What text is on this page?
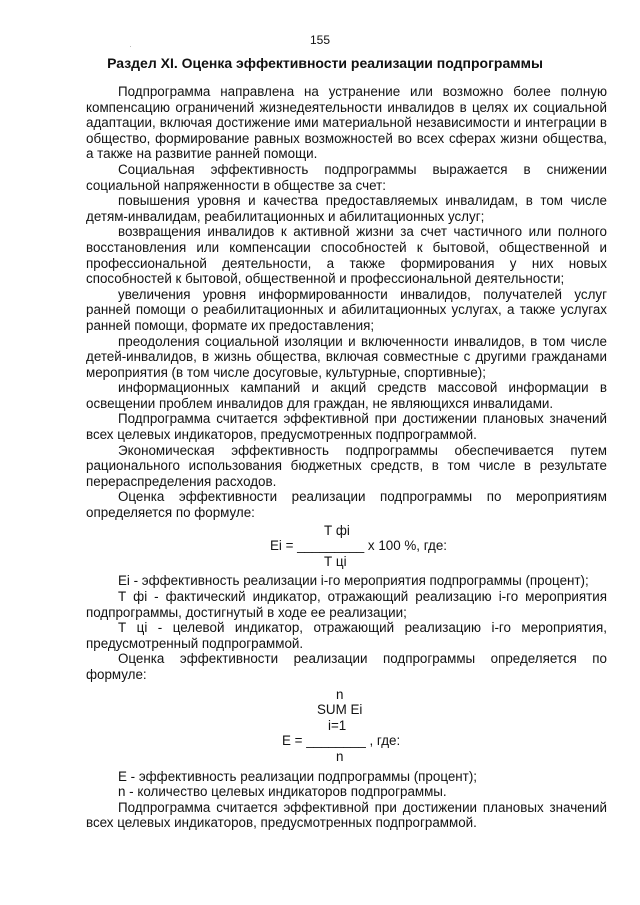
155
Раздел XI. Оценка эффективности реализации подпрограммы

Подпрограмма направлена на устранение или возможно более полную компенсацию ограничений жизнедеятельности инвалидов в целях их социальной адаптации, включая достижение ими материальной независимости и интеграции в общество, формирование равных возможностей во всех сферах жизни общества, а также на развитие ранней помощи.

Социальная эффективность подпрограммы выражается в снижении социальной напряженности в обществе за счет:

повышения уровня и качества предоставляемых инвалидам, в том числе детям-инвалидам, реабилитационных и абилитационных услуг;

возвращения инвалидов к активной жизни за счет частичного или полного восстановления или компенсации способностей к бытовой, общественной и профессиональной деятельности, а также формирования у них новых способностей к бытовой, общественной и профессиональной деятельности;

увеличения уровня информированности инвалидов, получателей услуг ранней помощи о реабилитационных и абилитационных услугах, а также услугах ранней помощи, формате их предоставления;

преодоления социальной изоляции и включенности инвалидов, в том числе детей-инвалидов, в жизнь общества, включая совместные с другими гражданами мероприятия (в том числе досуговые, культурные, спортивные);

информационных кампаний и акций средств массовой информации в освещении проблем инвалидов для граждан, не являющихся инвалидами.

Подпрограмма считается эффективной при достижении плановых значений всех целевых индикаторов, предусмотренных подпрограммой.

Экономическая эффективность подпрограммы обеспечивается путем рационального использования бюджетных средств, в том числе в результате перераспределения расходов.

Оценка эффективности реализации подпрограммы по мероприятиям определяется по формуле:

Т фi
Ei = _________ x 100 %, где:
Т цi

Ei - эффективность реализации i-го мероприятия подпрограммы (процент);

Т фi - фактический индикатор, отражающий реализацию i-го мероприятия подпрограммы, достигнутый в ходе ее реализации;

Т цi - целевой индикатор, отражающий реализацию i-го мероприятия, предусмотренный подпрограммой.

Оценка эффективности реализации подпрограммы определяется по формуле:

n
SUM Ei
i=1
E = ________ , где:
n

E - эффективность реализации подпрограммы (процент);

n - количество целевых индикаторов подпрограммы.

Подпрограмма считается эффективной при достижении плановых значений всех целевых индикаторов, предусмотренных подпрограммой.
